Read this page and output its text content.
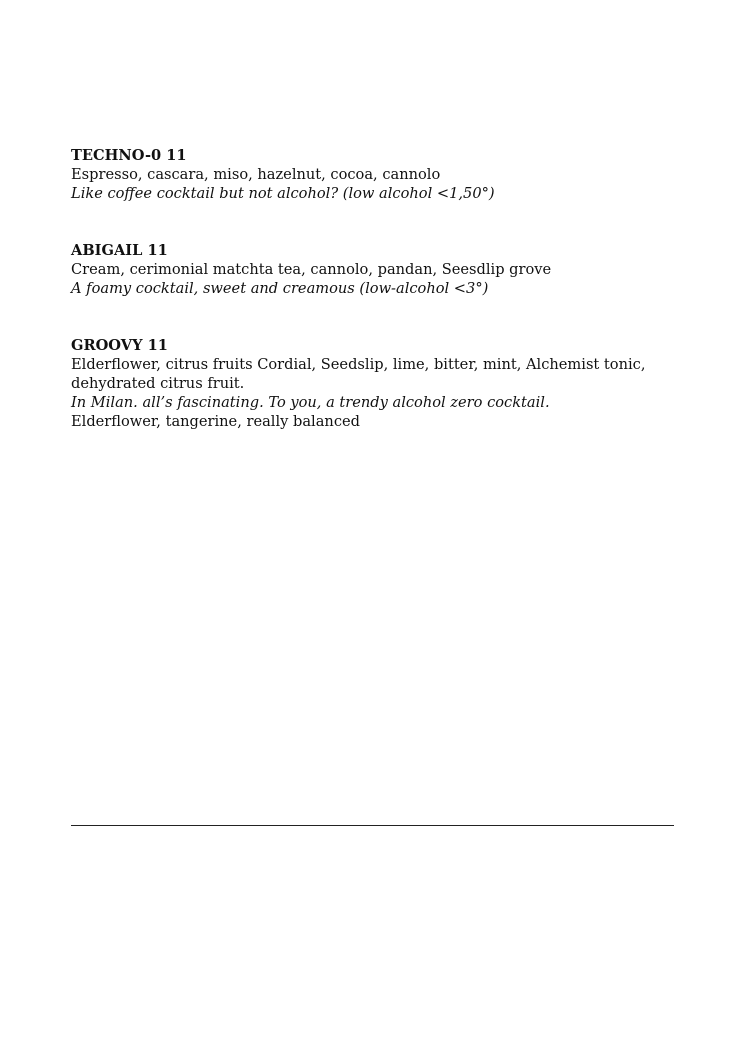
TECHNO-0 11
Espresso, cascara, miso, hazelnut, cocoa, cannolo
Like coffee cocktail but not alcohol? (low alcohol <1,50°)
ABIGAIL 11
Cream, cerimonial matchta tea, cannolo, pandan, Seesdlip grove
A foamy cocktail, sweet and creamous (low-alcohol <3°)
GROOVY 11
Elderflower, citrus fruits Cordial, Seedslip, lime, bitter, mint, Alchemist tonic, dehydrated citrus fruit.
In Milan. all’s fascinating. To you, a trendy alcohol zero cocktail.
Elderflower, tangerine, really balanced
